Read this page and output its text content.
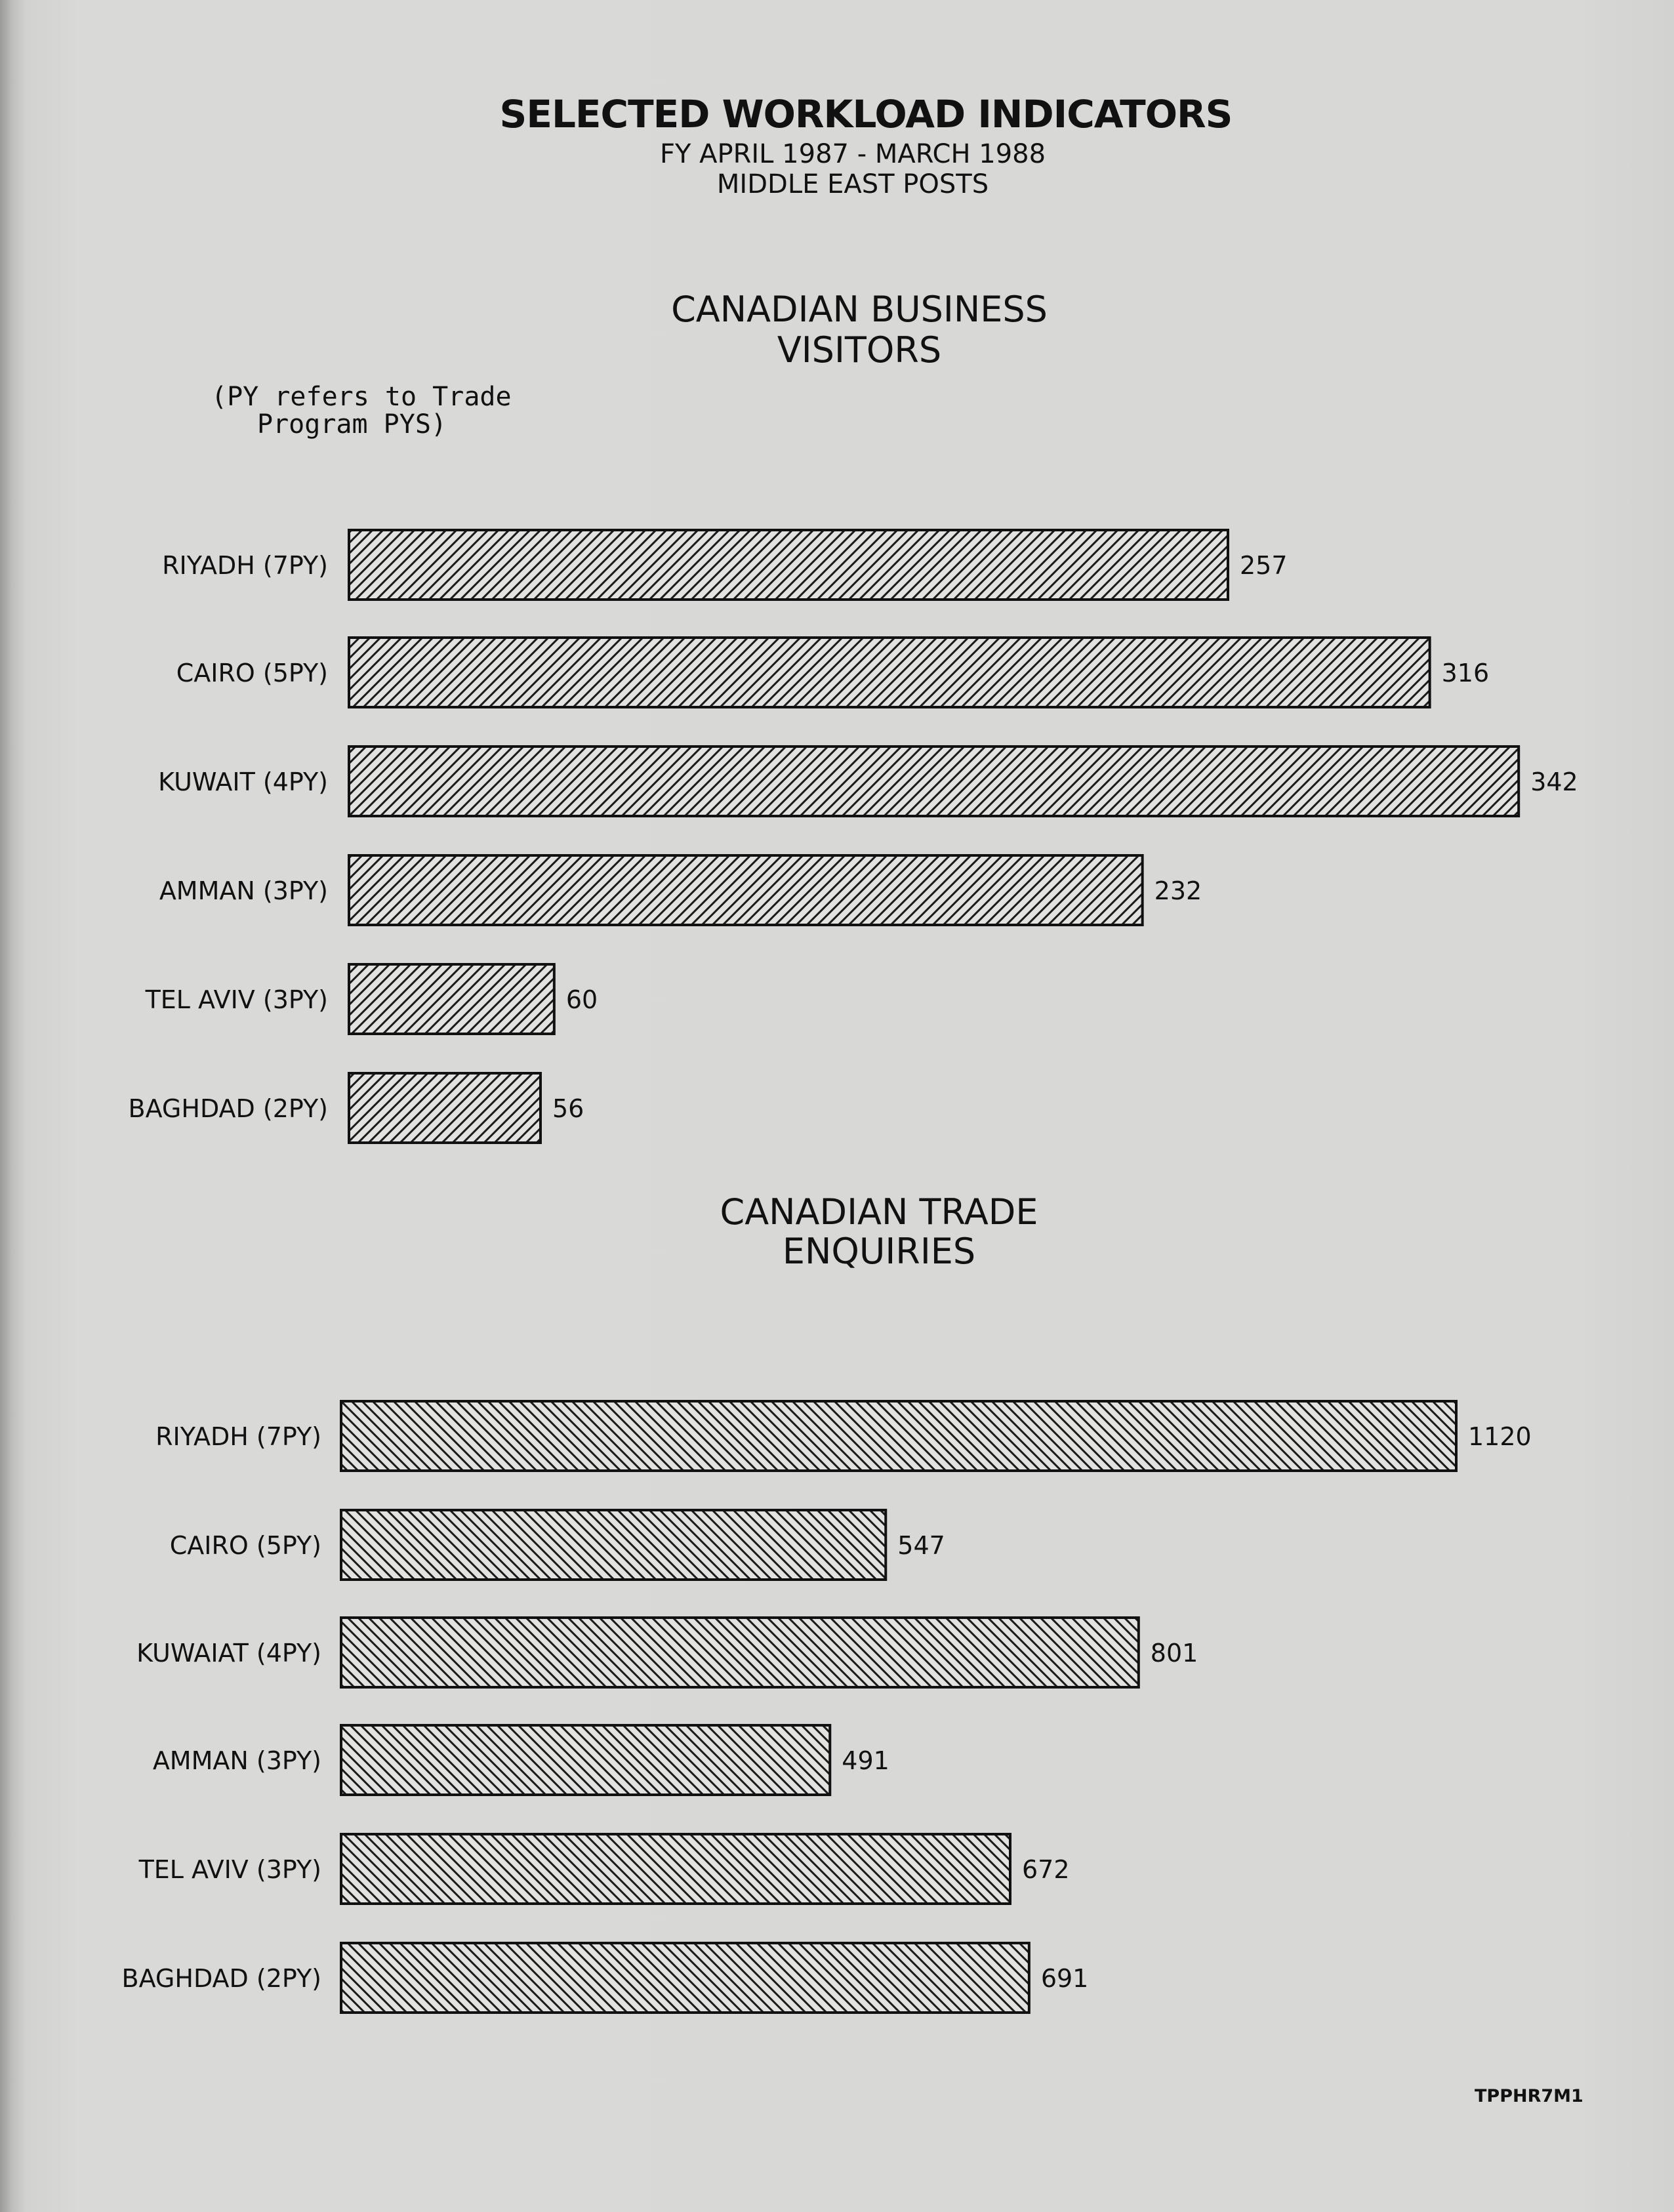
SELECTED WORKLOAD INDICATORS
FY APRIL 1987 - MARCH 1988
MIDDLE EAST POSTS
CANADIAN BUSINESS
VISITORS
(PY refers to Trade
Program PYS)
CANADIAN TRADE
ENQUIRIES
RIYADH (7PY)	257
CAIRO (5PY)	316
KUWAIT (4PY)	342
AMMAN (3PY)	232
TEL AVIV (3PY)	60
BAGHDAD (2PY)	56
RIYADH (7PY)	1120
CAIRO (5PY)	547
KUWAIAT (4PY)	801
AMMAN (3PY)	491
TEL AVIV (3PY)	672
BAGHDAD (2PY)	691
TPPHR7M1
